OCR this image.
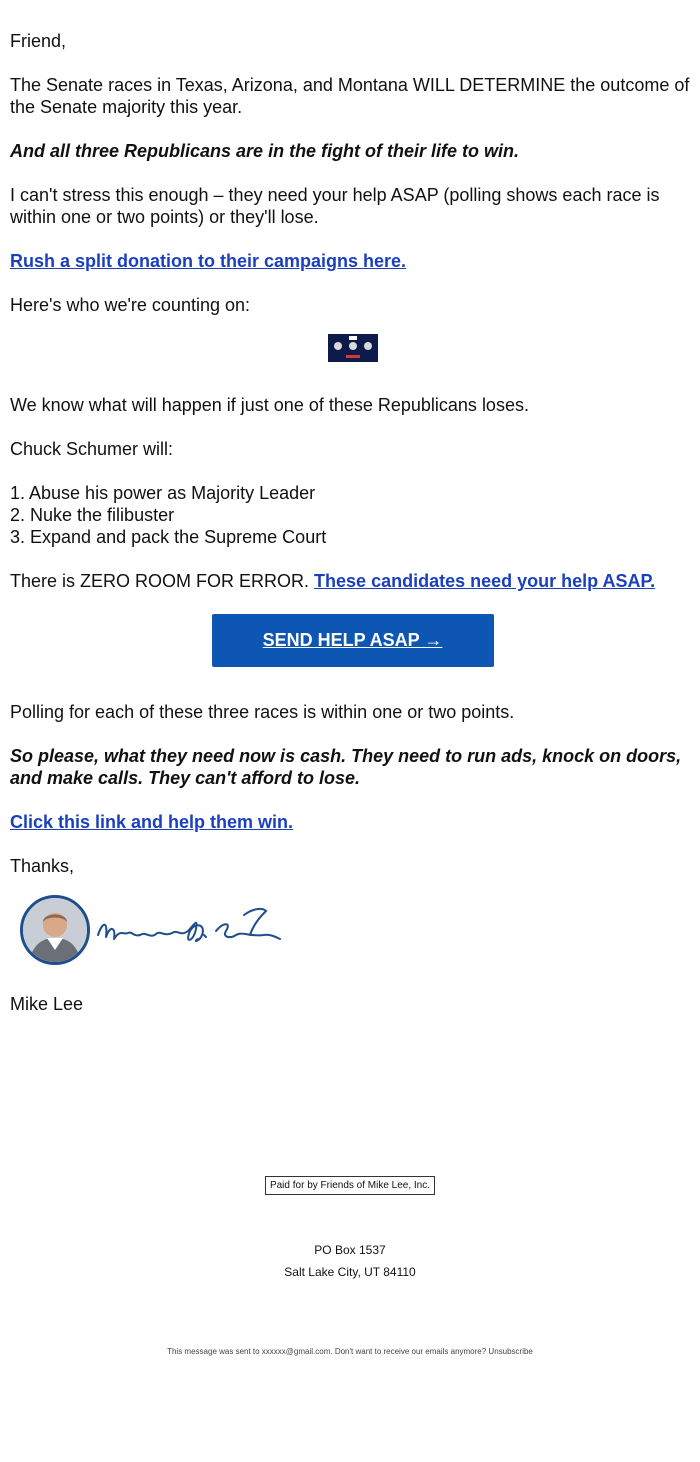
Friend,

The Senate races in Texas, Arizona, and Montana WILL DETERMINE the outcome of the Senate majority this year.

And all three Republicans are in the fight of their life to win.

I can't stress this enough – they need your help ASAP (polling shows each race is within one or two points) or they'll lose.

Rush a split donation to their campaigns here.

Here's who we're counting on:

We know what will happen if just one of these Republicans loses.

Chuck Schumer will:

1. Abuse his power as Majority Leader

2. Nuke the filibuster

3. Expand and pack the Supreme Court

There is ZERO ROOM FOR ERROR. These candidates need your help ASAP.

SEND HELP ASAP →

Polling for each of these three races is within one or two points.

So please, what they need now is cash. They need to run ads, knock on doors, and make calls. They can't afford to lose.

Click this link and help them win.

Thanks,

Mike Lee

Paid for by Friends of Mike Lee, Inc.
PO Box 1537
Salt Lake City, UT 84110
This message was sent to xxxxxx@gmail.com. Don't want to receive our emails anymore? Unsubscribe
